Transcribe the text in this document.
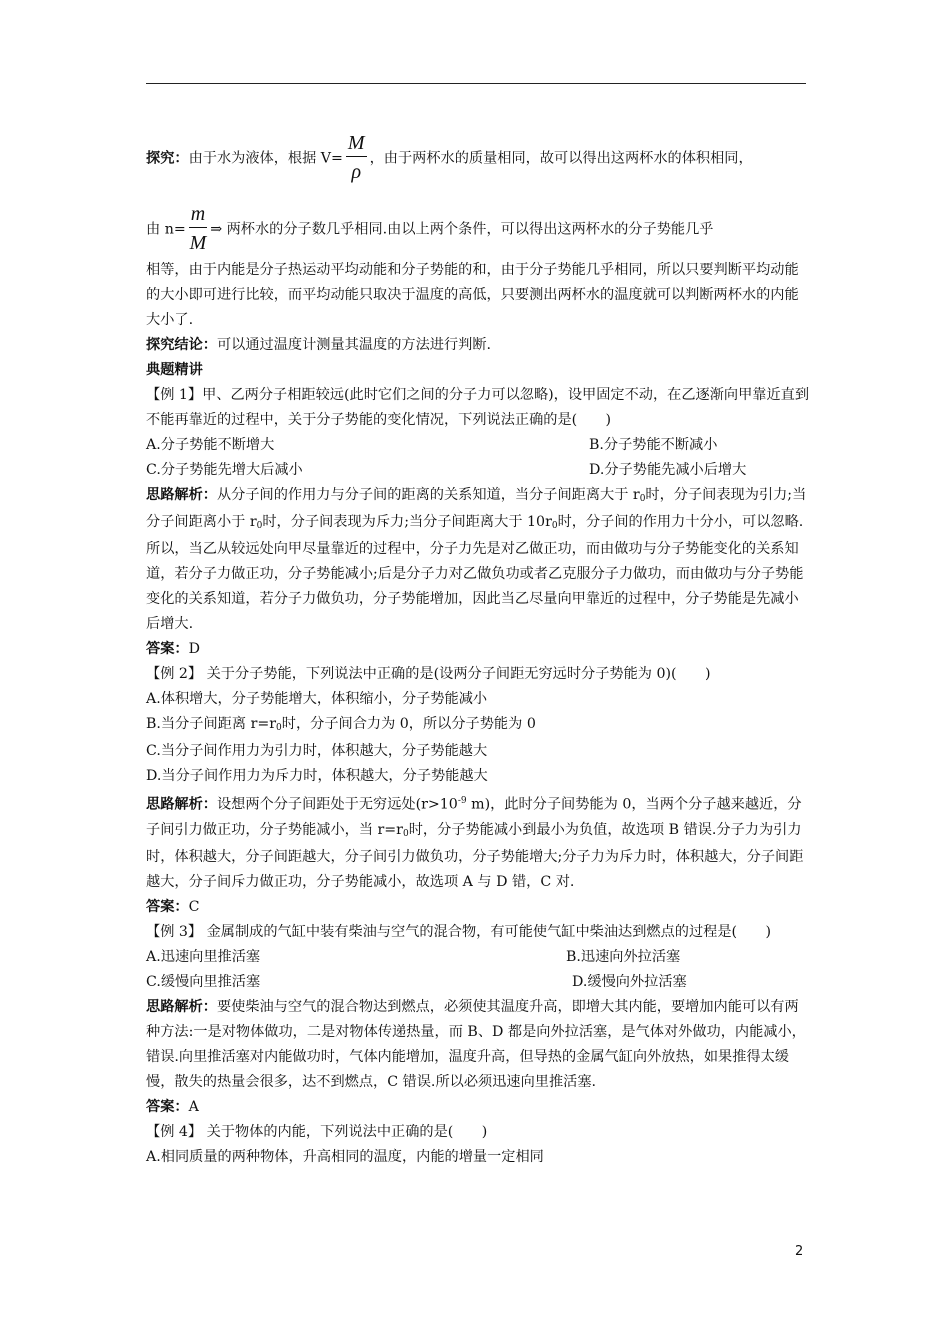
探究：由于水为液体，根据 $V= \frac{M}{\rho}$ ，由于两杯水的质量相同，故可以得出这两杯水的体积相同，

由 $n= \frac{m}{M}$ ⇒ 两杯水的分子数几乎相同.由以上两个条件，可以得出这两杯水的分子势能几乎

相等，由于内能是分子热运动平均动能和分子势能的和，由于分子势能几乎相同，所以只要判断平均动能的大小即可进行比较，而平均动能只取决于温度的高低，只要测出两杯水的温度就可以判断两杯水的内能大小了.

探究结论：可以通过温度计测量其温度的方法进行判断.

典题精讲

【例 1】甲、乙两分子相距较远(此时它们之间的分子力可以忽略)，设甲固定不动，在乙逐渐向甲靠近直到不能再靠近的过程中，关于分子势能的变化情况，下列说法正确的是(　　)

A.分子势能不断增大	B.分子势能不断减小
C.分子势能先增大后减小	D.分子势能先减小后增大

思路解析：从分子间的作用力与分子间的距离的关系知道，当分子间距离大于 $r_0$时，分子间表现为引力;当分子间距离小于 $r_0$时，分子间表现为斥力;当分子间距离大于 $10r_0$时，分子间的作用力十分小，可以忽略.所以，当乙从较远处向甲尽量靠近的过程中，分子力先是对乙做正功，而由做功与分子势能变化的关系知道，若分子力做正功，分子势能减小;后是分子力对乙做负功或者乙克服分子力做功，而由做功与分子势能变化的关系知道，若分子力做负功，分子势能增加，因此当乙尽量向甲靠近的过程中，分子势能是先减小后增大.

答案：D

【例 2】 关于分子势能，下列说法中正确的是(设两分子间距无穷远时分子势能为 0)(　　)

A.体积增大，分子势能增大，体积缩小，分子势能减小

B.当分子间距离 $r=r_0$时，分子间合力为 0，所以分子势能为 0

C.当分子间作用力为引力时，体积越大，分子势能越大

D.当分子间作用力为斥力时，体积越大，分子势能越大

思路解析：设想两个分子间距处于无穷远处($r>10^{-9}$ m)，此时分子间势能为 0，当两个分子越来越近，分子间引力做正功，分子势能减小，当 $r=r_0$时，分子势能减小到最小为负值，故选项 B 错误.分子力为引力时，体积越大，分子间距越大，分子间引力做负功，分子势能增大;分子力为斥力时，体积越大，分子间距越大，分子间斥力做正功，分子势能减小，故选项 A 与 D 错，C 对.

答案：C

【例 3】 金属制成的气缸中装有柴油与空气的混合物，有可能使气缸中柴油达到燃点的过程是(　　)

A.迅速向里推活塞	B.迅速向外拉活塞
C.缓慢向里推活塞	D.缓慢向外拉活塞

思路解析：要使柴油与空气的混合物达到燃点，必须使其温度升高，即增大其内能，要增加内能可以有两种方法:一是对物体做功，二是对物体传递热量，而 B、D 都是向外拉活塞，是气体对外做功，内能减小，错误.向里推活塞对内能做功时，气体内能增加，温度升高，但导热的金属气缸向外放热，如果推得太缓慢，散失的热量会很多，达不到燃点，C 错误.所以必须迅速向里推活塞.

答案：A

【例 4】 关于物体的内能，下列说法中正确的是(　　)

A.相同质量的两种物体，升高相同的温度，内能的增量一定相同

2
